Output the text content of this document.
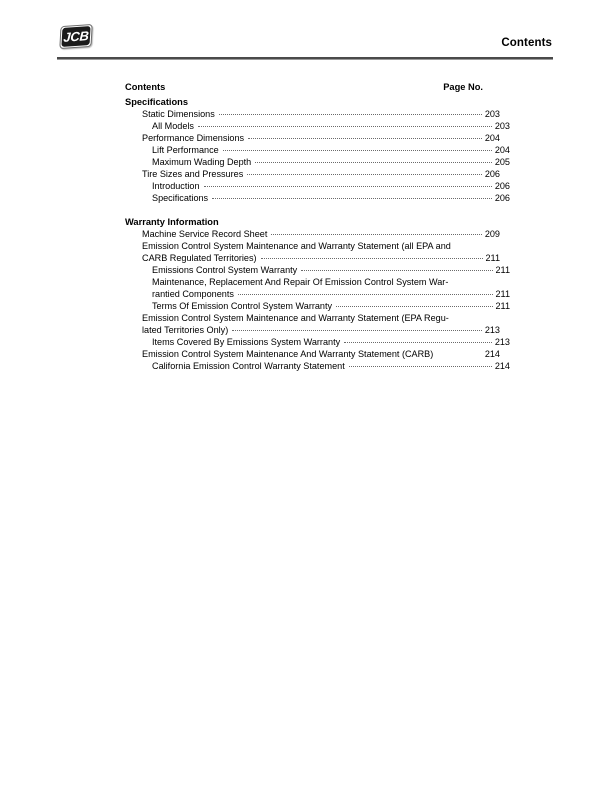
JCB	Contents
Contents	Page No.
Specifications
Static Dimensions	203
All Models	203
Performance Dimensions	204
Lift Performance	204
Maximum Wading Depth	205
Tire Sizes and Pressures	206
Introduction	206
Specifications	206
Warranty Information
Machine Service Record Sheet	209
Emission Control System Maintenance and Warranty Statement (all EPA and
CARB Regulated Territories)	211
Emissions Control System Warranty	211
Maintenance, Replacement And Repair Of Emission Control System War-
rantied Components	211
Terms Of Emission Control System Warranty	211
Emission Control System Maintenance and Warranty Statement (EPA Regu-
lated Territories Only)	213
Items Covered By Emissions System Warranty	213
Emission Control System Maintenance And Warranty Statement (CARB)	214
California Emission Control Warranty Statement	214
